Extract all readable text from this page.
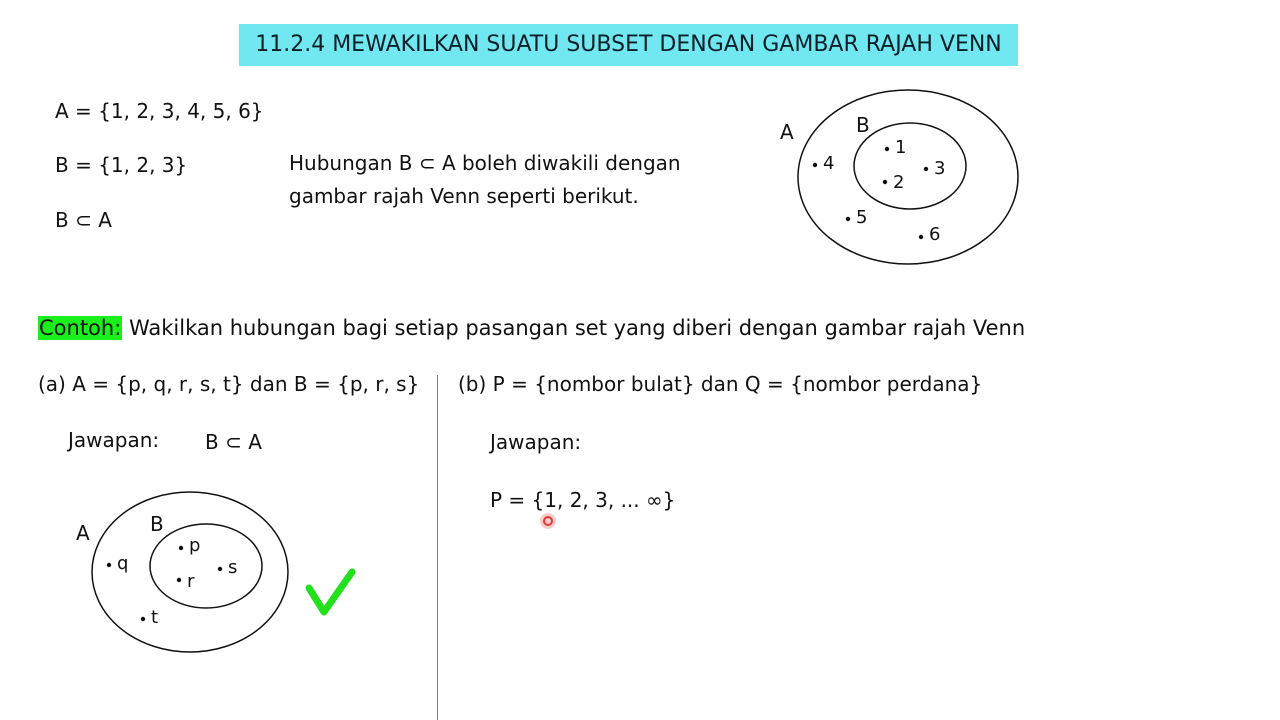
11.2.4 MEWAKILKAN SUATU SUBSET DENGAN GAMBAR RAJAH VENN
A = {1, 2, 3, 4, 5, 6}
B = {1, 2, 3}
B ⊂ A
Hubungan B ⊂ A boleh diwakili dengan
gambar rajah Venn seperti berikut.
A	B
1
2
3
4
5
6
Contoh: Wakilkan hubungan bagi setiap pasangan set yang diberi dengan gambar rajah Venn
(a) A = {p, q, r, s, t} dan B = {p, r, s}
Jawapan: B ⊂ A
A	B
p
r
s
q
t
(b) P = {nombor bulat} dan Q = {nombor perdana}
Jawapan:
P = {1, 2, 3, ... ∞}
